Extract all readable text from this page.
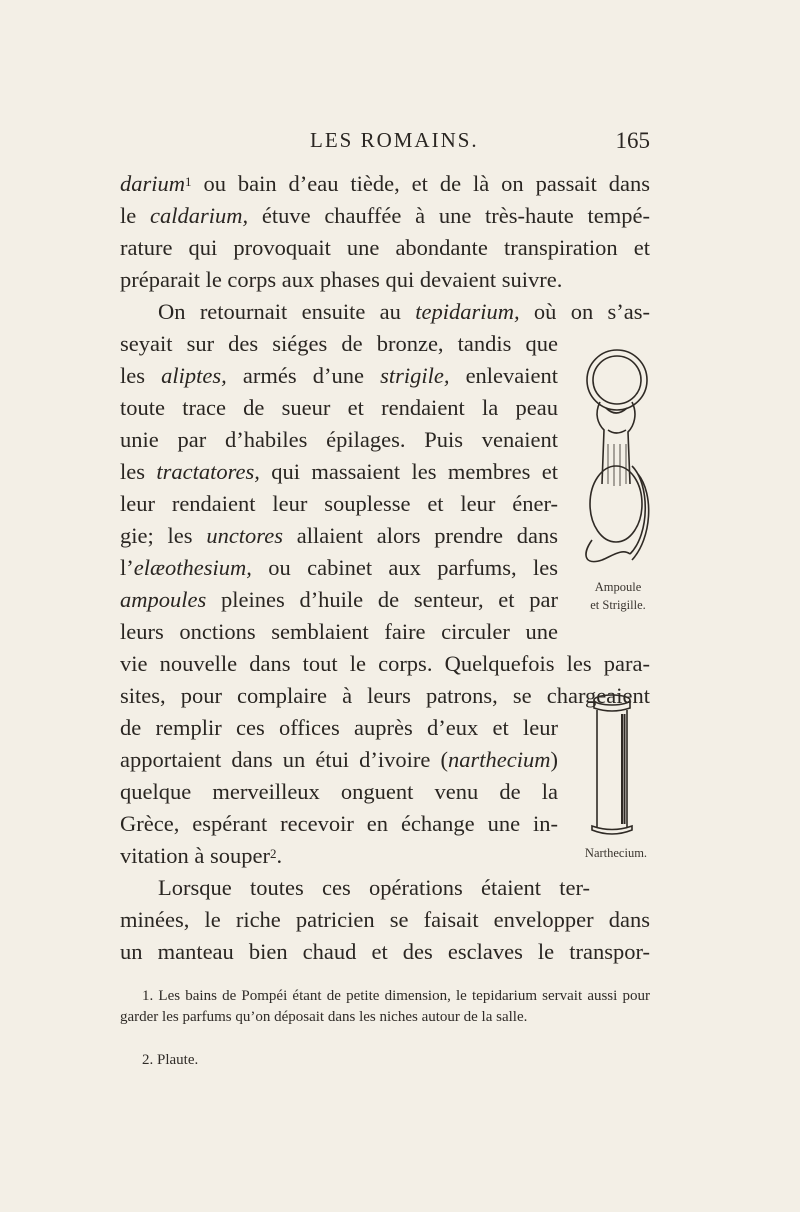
LES ROMAINS.	165
darium$^1$ ou bain d’eau tiède, et de là on passait dans
le caldarium, étuve chauffée à une très-haute tempé-
rature qui provoquait une abondante transpiration et
préparait le corps aux phases qui devaient suivre.
On retournait ensuite au tepidarium, où on s’as-
seyait sur des siéges de bronze, tandis que
les aliptes, armés d’une strigile, enlevaient
toute trace de sueur et rendaient la peau
unie par d’habiles épilages. Puis venaient
les tractatores, qui massaient les membres et
leur rendaient leur souplesse et leur éner-
gie; les unctores allaient alors prendre dans
l’elæothesium, ou cabinet aux parfums, les
ampoules pleines d’huile de senteur, et par
leurs onctions semblaient faire circuler une
vie nouvelle dans tout le corps. Quelquefois les para-
sites, pour complaire à leurs patrons, se chargeaient
de remplir ces offices auprès d’eux et leur
apportaient dans un étui d’ivoire (narthecium)
quelque merveilleux onguent venu de la
Grèce, espérant recevoir en échange une in-
vitation à souper$^2$.
Lorsque toutes ces opérations étaient ter-
minées, le riche patricien se faisait envelopper dans
un manteau bien chaud et des esclaves le transpor-
Ampoule
et Strigille.
Narthecium.
1. Les bains de Pompéi étant de petite dimension, le tepidarium servait aussi pour garder les parfums qu’on déposait dans les niches autour de la salle.
2. Plaute.
